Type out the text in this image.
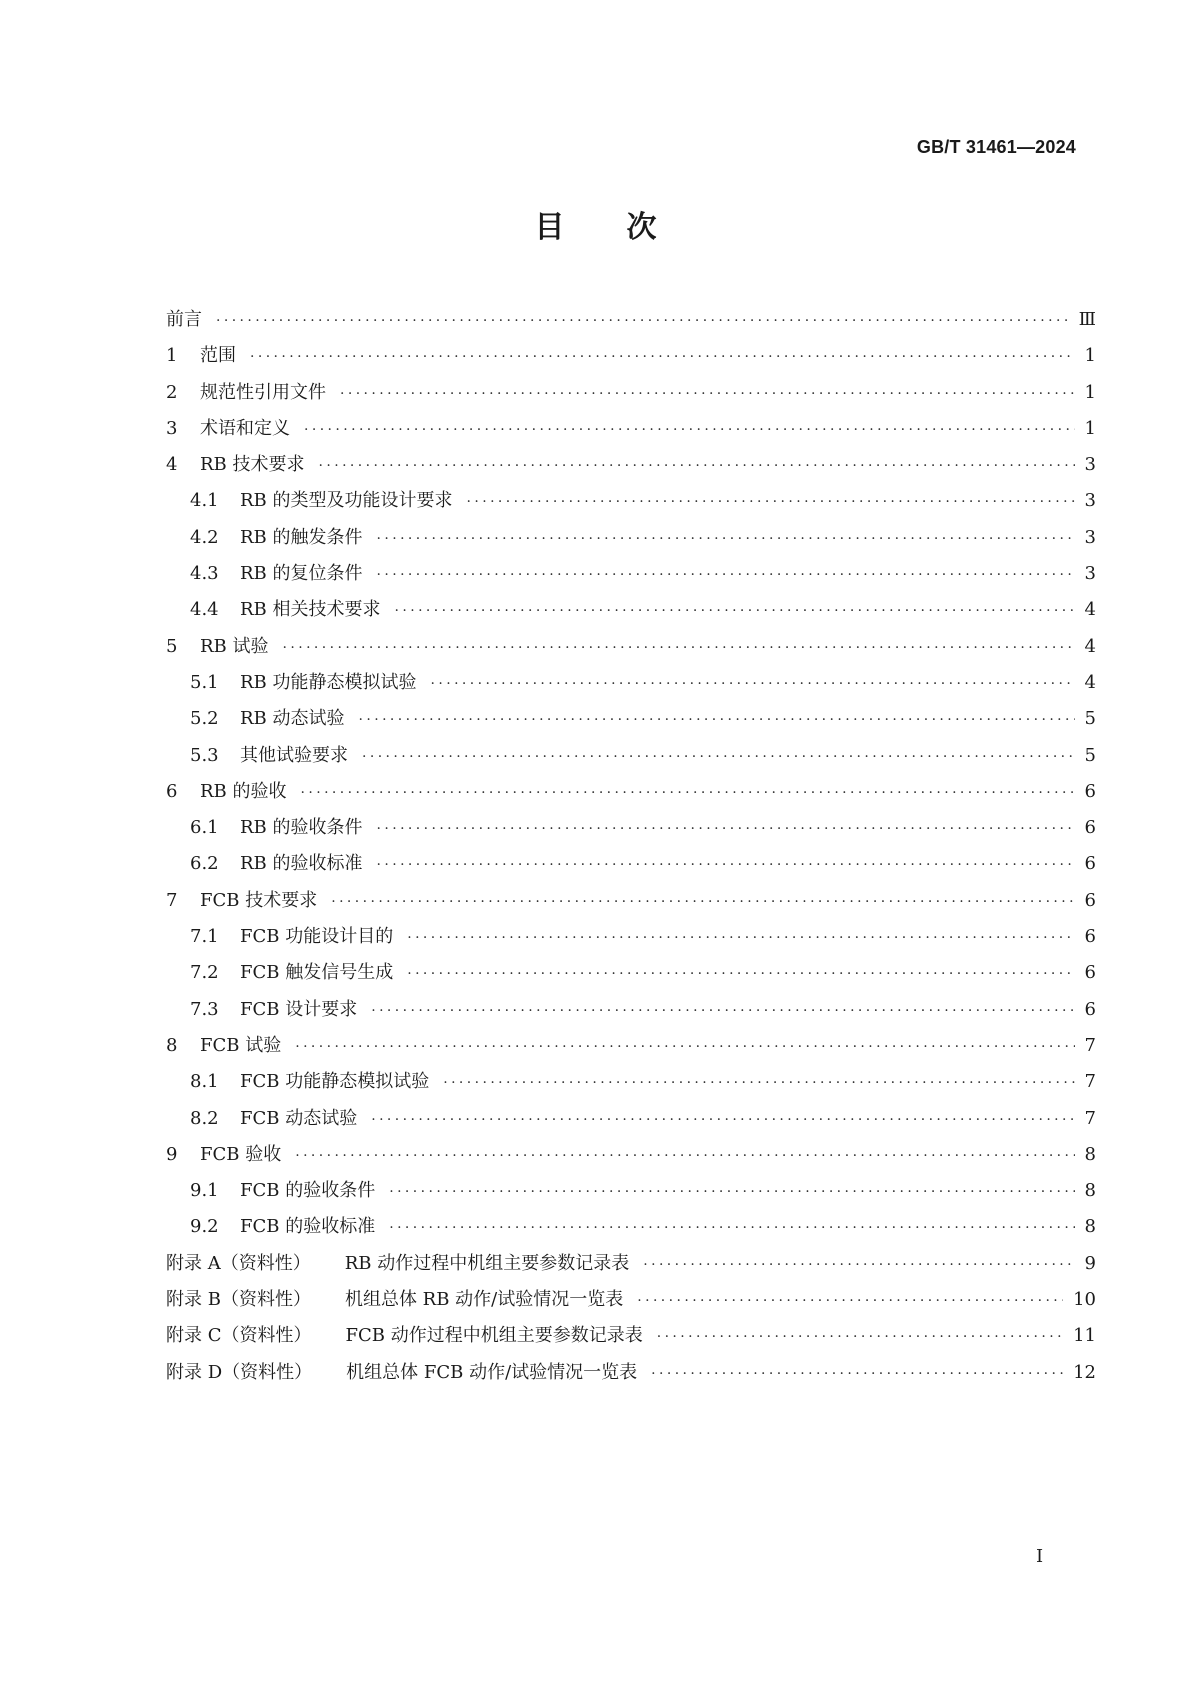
GB/T 31461—2024
目次
前言 ·····	Ⅲ
1	范围 ·····	1
2	规范性引用文件 ·····	1
3	术语和定义 ·····	1
4	RB 技术要求 ·····	3
4.1	RB 的类型及功能设计要求 ·····	3
4.2	RB 的触发条件 ·····	3
4.3	RB 的复位条件 ·····	3
4.4	RB 相关技术要求 ·····	4
5	RB 试验 ·····	4
5.1	RB 功能静态模拟试验 ·····	4
5.2	RB 动态试验 ·····	5
5.3	其他试验要求 ·····	5
6	RB 的验收 ·····	6
6.1	RB 的验收条件 ·····	6
6.2	RB 的验收标准 ·····	6
7	FCB 技术要求 ·····	6
7.1	FCB 功能设计目的 ·····	6
7.2	FCB 触发信号生成 ·····	6
7.3	FCB 设计要求 ·····	6
8	FCB 试验 ·····	7
8.1	FCB 功能静态模拟试验 ·····	7
8.2	FCB 动态试验 ·····	7
9	FCB 验收 ·····	8
9.1	FCB 的验收条件 ·····	8
9.2	FCB 的验收标准 ·····	8
附录 A （资料性） RB 动作过程中机组主要参数记录表 ·····	9
附录 B （资料性） 机组总体 RB 动作/试验情况一览表 ·····	10
附录 C （资料性） FCB 动作过程中机组主要参数记录表 ·····	11
附录 D （资料性） 机组总体 FCB 动作/试验情况一览表 ·····	12
I
